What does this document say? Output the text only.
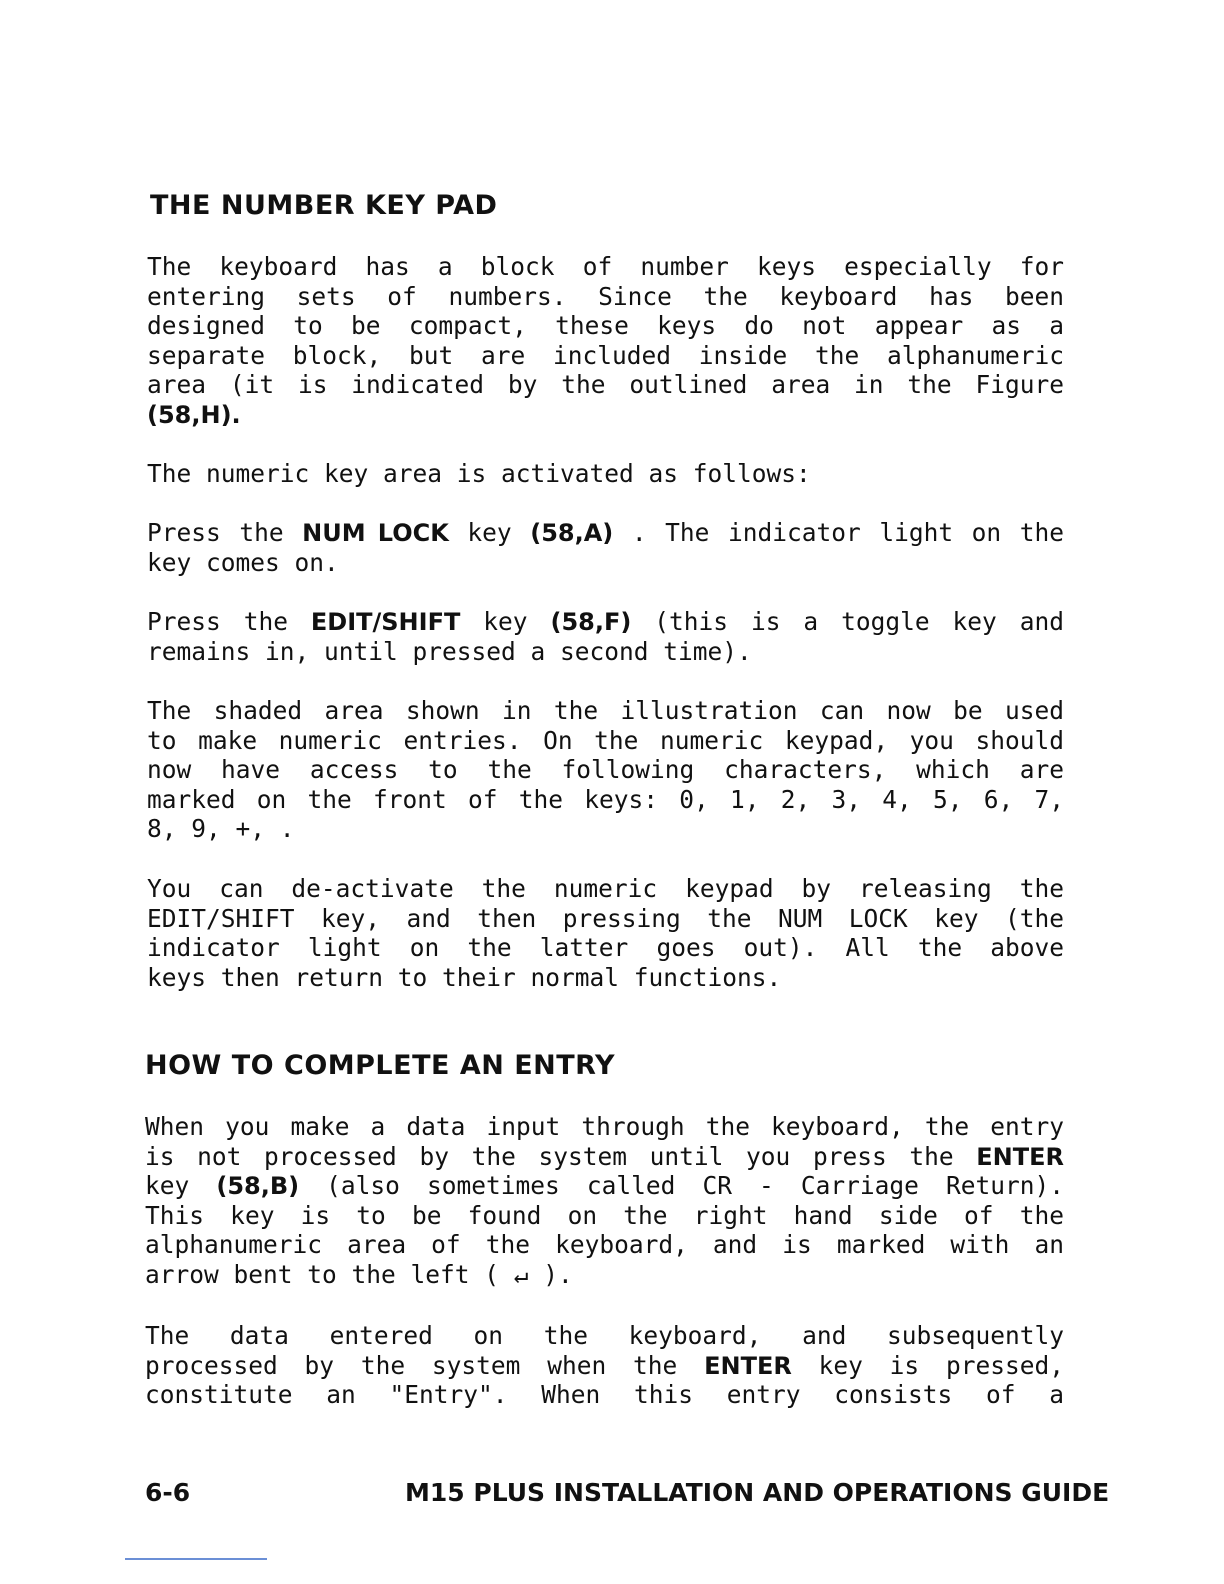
THE NUMBER KEY PAD
The keyboard has a block of number keys especially for
entering sets of numbers. Since the keyboard has been
designed to be compact, these keys do not appear as a
separate block, but are included inside the alphanumeric
area (it is indicated by the outlined area in the Figure
(58,H).
The numeric key area is activated as follows:
Press the NUM LOCK key (58,A) . The indicator light on the
key comes on.
Press the EDIT/SHIFT key (58,F) (this is a toggle key and
remains in, until pressed a second time).
The shaded area shown in the illustration can now be used
to make numeric entries. On the numeric keypad, you should
now have access to the following characters, which are
marked on the front of the keys: 0, 1, 2, 3, 4, 5, 6, 7,
8, 9, +, .
You can de-activate the numeric keypad by releasing the
EDIT/SHIFT key, and then pressing the NUM LOCK key (the
indicator light on the latter goes out). All the above
keys then return to their normal functions.
HOW TO COMPLETE AN ENTRY
When you make a data input through the keyboard, the entry
is not processed by the system until you press the ENTER
key (58,B) (also sometimes called CR - Carriage Return).
This key is to be found on the right hand side of the
alphanumeric area of the keyboard, and is marked with an
arrow bent to the left ( ↵ ).
The data entered on the keyboard, and subsequently
processed by the system when the ENTER key is pressed,
constitute an "Entry". When this entry consists of a
6-6	M15 PLUS INSTALLATION AND OPERATIONS GUIDE
